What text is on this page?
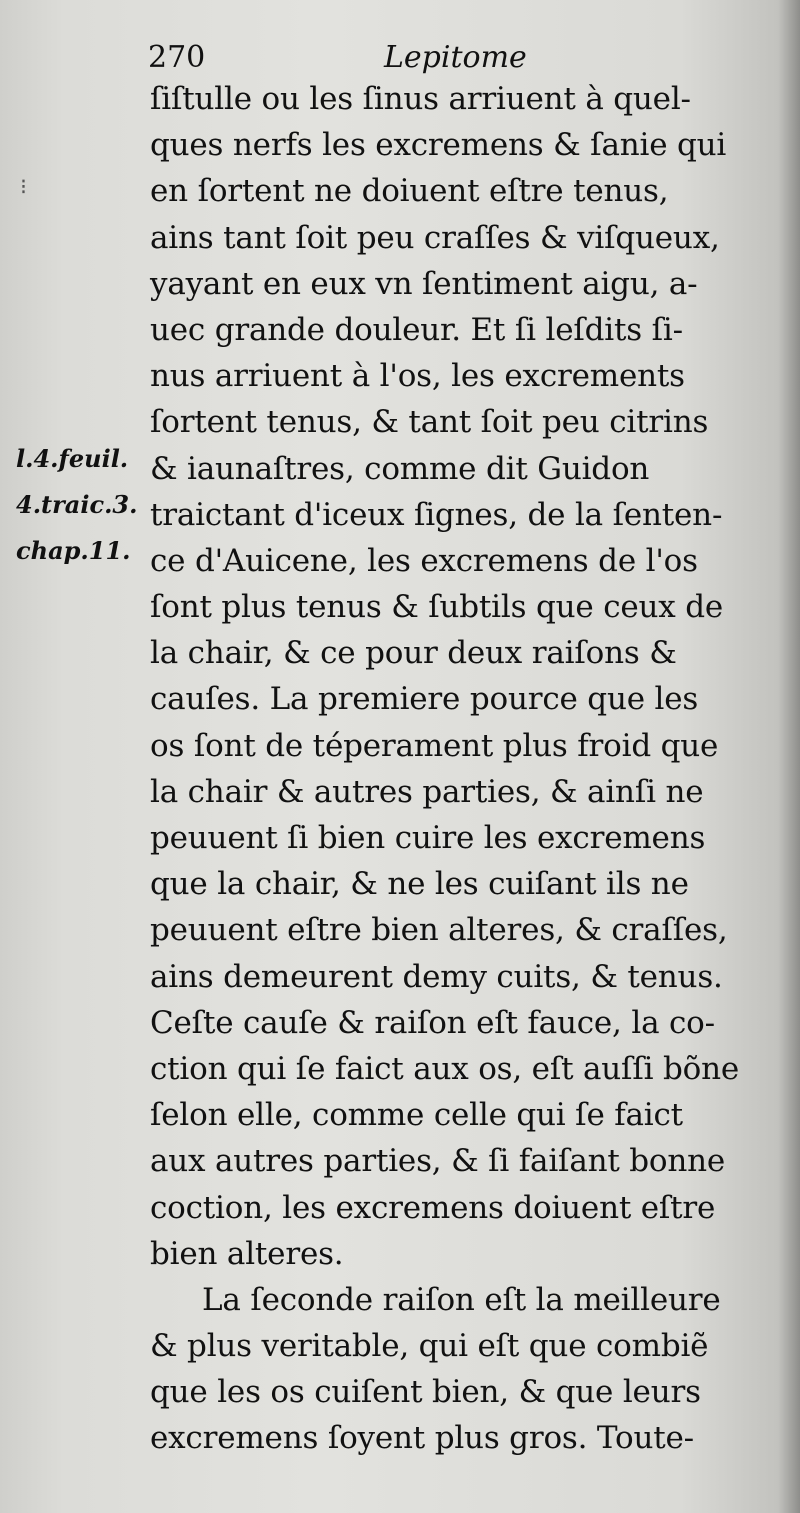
⁝
270	Lepitome
l.4.feuil.
4.traic.3.
chap.11.
ſiſtulle ou les ſinus arriuent à quel-
ques nerfs les excremens & ſanie qui
en ſortent ne doiuent eſtre tenus,
ains tant ſoit peu craſſes & viſqueux,
yayant en eux vn ſentiment aigu, a-
uec grande douleur. Et ſi leſdits ſi-
nus arriuent à l'os, les excrements
ſortent tenus, & tant ſoit peu citrins
& iaunaſtres, comme dit Guidon
traictant d'iceux ſignes, de la ſenten-
ce d'Auicene, les excremens de l'os
ſont plus tenus & ſubtils que ceux de
la chair, & ce pour deux raiſons &
cauſes. La premiere pource que les
os ſont de téperament plus froid que
la chair & autres parties, & ainſi ne
peuuent ſi bien cuire les excremens
que la chair, & ne les cuiſant ils ne
peuuent eſtre bien alteres, & craſſes,
ains demeurent demy cuits, & tenus.
Ceſte cauſe & raiſon eſt fauce, la co-
ction qui ſe faict aux os, eſt auſſi bõne
ſelon elle, comme celle qui ſe faict
aux autres parties, & ſi faiſant bonne
coction, les excremens doiuent eſtre
bien alteres.
La ſeconde raiſon eſt la meilleure
& plus veritable, qui eſt que combiẽ
que les os cuiſent bien, & que leurs
excremens ſoyent plus gros. Toute-
